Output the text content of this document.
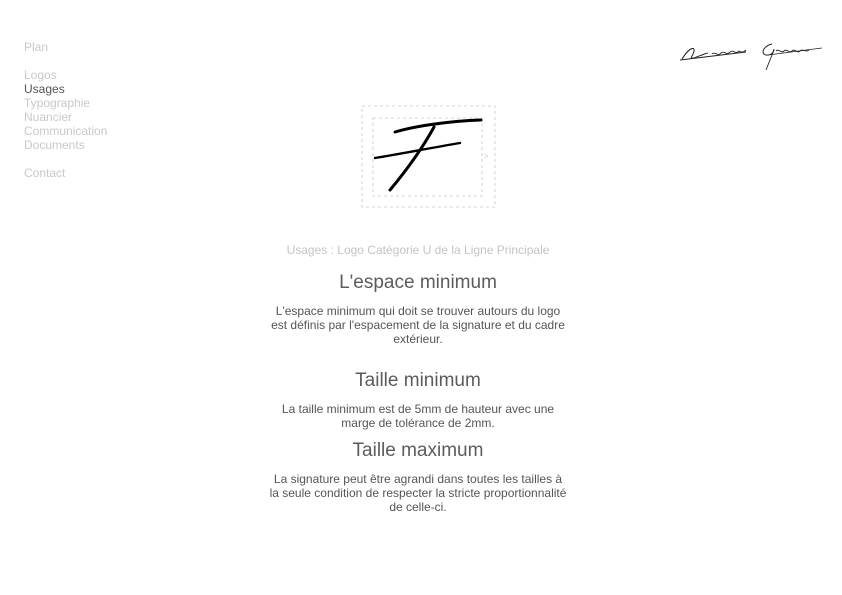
Plan
Logos
Usages
Typographie
Nuancier
Communication
Documents
Contact

Usages : Logo Catégorie U de la Ligne Principale

L'espace minimum

L'espace minimum qui doit se trouver autours du logo est définis par l'espacement de la signature et du cadre extérieur.

Taille minimum

La taille minimum est de 5mm de hauteur avec une marge de tolérance de 2mm.

Taille maximum

La signature peut être agrandi dans toutes les tailles à la seule condition de respecter la stricte proportionnalité de celle-ci.
